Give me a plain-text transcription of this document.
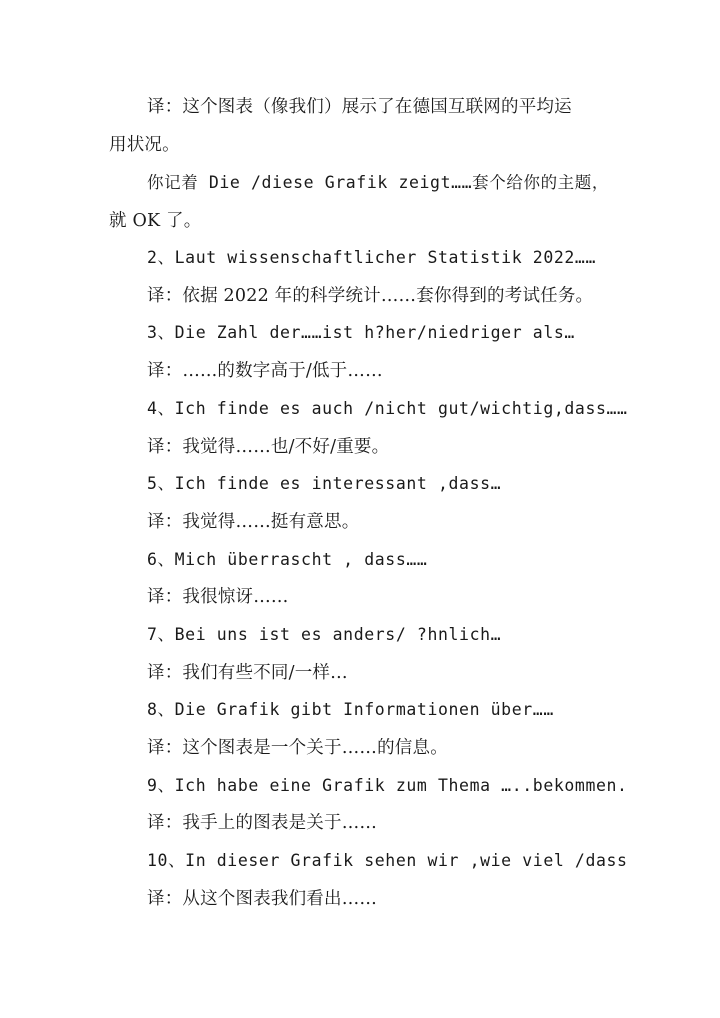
译：这个图表（像我们）展示了在德国互联网的平均运
用状况。
你记着 Die /diese Grafik zeigt……套个给你的主题，
就 OK 了。
2、Laut wissenschaftlicher Statistik 2022……
译：依据 2022 年的科学统计……套你得到的考试任务。
3、Die Zahl der……ist h?her/niedriger als…
译：…...的数字高于/低于……
4、Ich finde es auch /nicht gut/wichtig,dass……
译：我觉得……也/不好/重要。
5、Ich finde es interessant ,dass…
译：我觉得……挺有意思。
6、Mich überrascht , dass……
译：我很惊讶……
7、Bei uns ist es anders/ ?hnlich…
译：我们有些不同/一样…
8、Die Grafik gibt Informationen über……
译：这个图表是一个关于……的信息。
9、Ich habe eine Grafik zum Thema …..bekommen.
译：我手上的图表是关于……
10、In dieser Grafik sehen wir ,wie viel /dass
译：从这个图表我们看出……
